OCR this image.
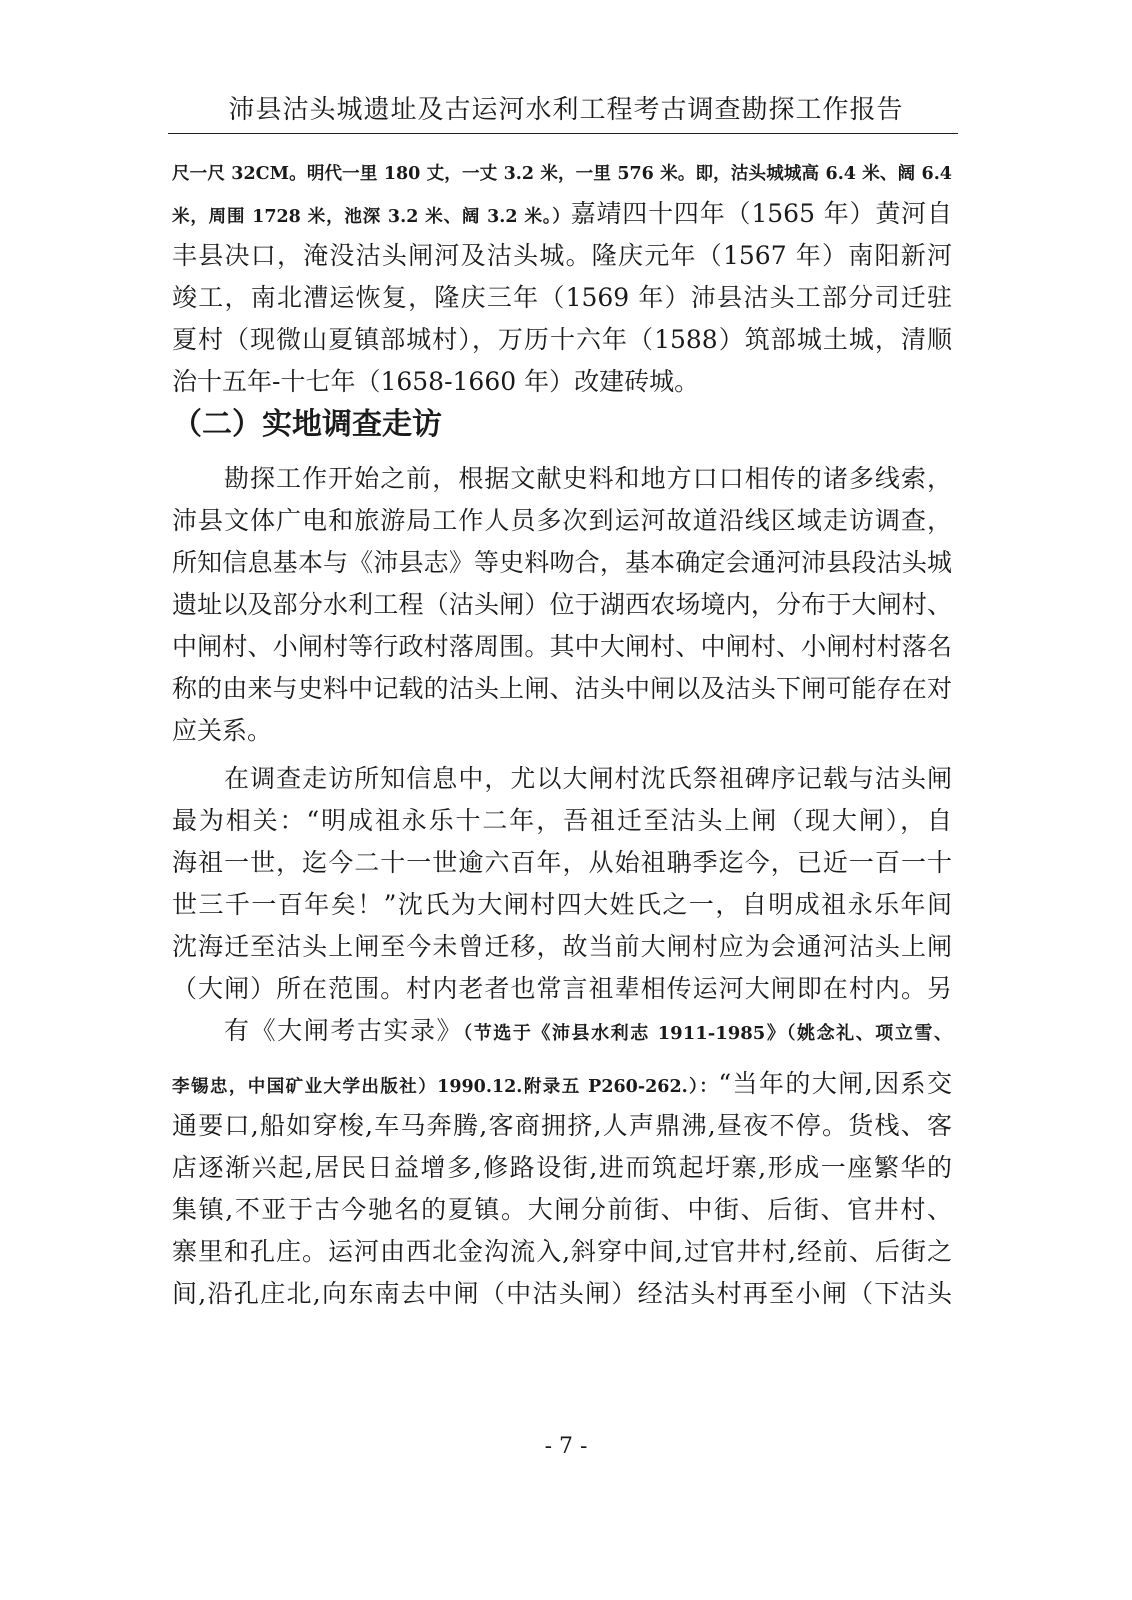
沛县沽头城遗址及古运河水利工程考古调查勘探工作报告

尺一尺 32CM。明代一里 180 丈，一丈 3.2 米，一里 576 米。即，沽头城城高 6.4 米、阔 6.4

米，周围 1728 米，池深 3.2 米、阔 3.2 米。）嘉靖四十四年（1565 年）黄河自

丰县决口，淹没沽头闸河及沽头城。隆庆元年（1567 年）南阳新河

竣工，南北漕运恢复，隆庆三年（1569 年）沛县沽头工部分司迁驻

夏村（现微山夏镇部城村），万历十六年（1588）筑部城土城，清顺

治十五年-十七年（1658-1660 年）改建砖城。

（二）实地调查走访

勘探工作开始之前，根据文献史料和地方口口相传的诸多线索，

沛县文体广电和旅游局工作人员多次到运河故道沿线区域走访调查，

所知信息基本与《沛县志》等史料吻合，基本确定会通河沛县段沽头城

遗址以及部分水利工程（沽头闸）位于湖西农场境内，分布于大闸村、

中闸村、小闸村等行政村落周围。其中大闸村、中闸村、小闸村村落名

称的由来与史料中记载的沽头上闸、沽头中闸以及沽头下闸可能存在对

应关系。

在调查走访所知信息中，尤以大闸村沈氏祭祖碑序记载与沽头闸

最为相关：“明成祖永乐十二年，吾祖迁至沽头上闸（现大闸），自

海祖一世，迄今二十一世逾六百年，从始祖聃季迄今，已近一百一十

世三千一百年矣！”沈氏为大闸村四大姓氏之一，自明成祖永乐年间

沈海迁至沽头上闸至今未曾迁移，故当前大闸村应为会通河沽头上闸

（大闸）所在范围。村内老者也常言祖辈相传运河大闸即在村内。另

有《大闸考古实录》（节选于《沛县水利志 1911-1985》（姚念礼、项立雪、

李锡忠，中国矿业大学出版社）1990.12.附录五 P260-262.）：“当年的大闸,因系交

通要口,船如穿梭,车马奔腾,客商拥挤,人声鼎沸,昼夜不停。货栈、客

店逐渐兴起,居民日益增多,修路设街,进而筑起圩寨,形成一座繁华的

集镇,不亚于古今驰名的夏镇。大闸分前街、中街、后街、官井村、

寨里和孔庄。运河由西北金沟流入,斜穿中间,过官井村,经前、后街之

间,沿孔庄北,向东南去中闸（中沽头闸）经沽头村再至小闸（下沽头

- 7 -
